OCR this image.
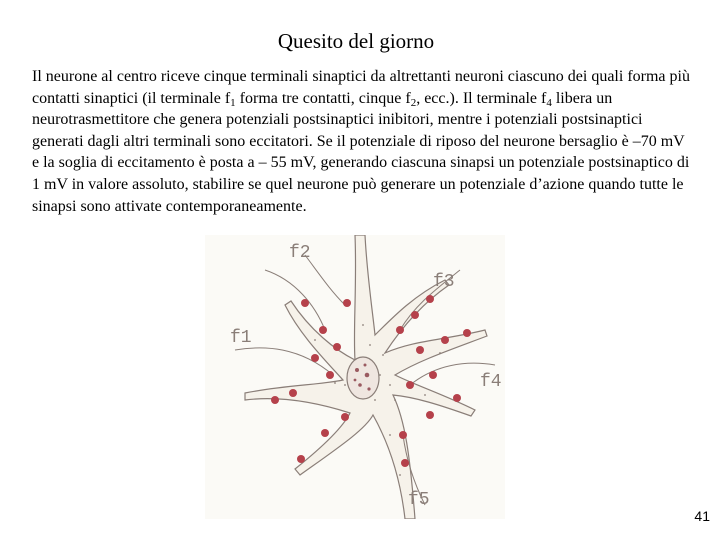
Quesito del giorno
Il neurone al centro riceve cinque terminali sinaptici da altrettanti neuroni ciascuno dei quali forma più contatti sinaptici (il terminale $f_1$ forma tre contatti, cinque $f_2$, ecc.). Il terminale $f_4$ libera un neurotrasmettitore che genera potenziali postsinaptici inibitori, mentre i potenziali postsinaptici generati dagli altri terminali sono eccitatori. Se il potenziale di riposo del neurone bersaglio è –70 mV e la soglia di eccitamento è posta a – 55 mV, generando ciascuna sinapsi un potenziale postsinaptico di 1 mV in valore assoluto, stabilire se quel neurone può generare un potenziale d’azione quando tutte le sinapsi sono attivate contemporaneamente.
f2
f3
f1
f4
f5
41
